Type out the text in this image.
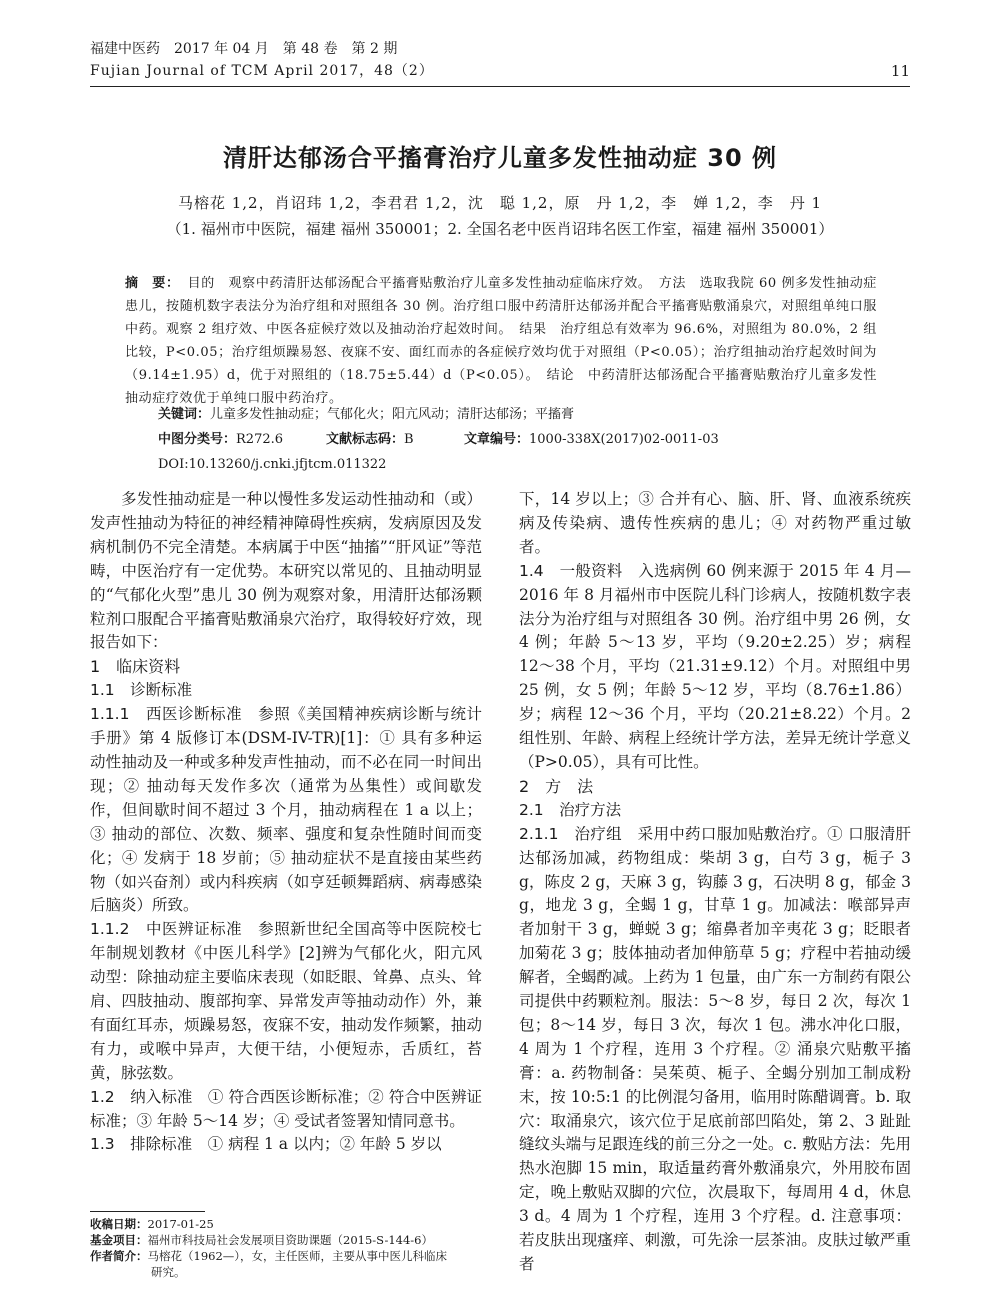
福建中医药　2017 年 04 月　第 48 卷　第 2 期
Fujian Journal of TCM April 2017，48（2）	11
清肝达郁汤合平搐膏治疗儿童多发性抽动症 30 例
马榕花 1,2，肖诏玮 1,2，李君君 1,2，沈　聪 1,2，原　丹 1,2，李　婵 1,2，李　丹 1
（1. 福州市中医院，福建 福州 350001；2. 全国名老中医肖诏玮名医工作室，福建 福州 350001）
摘　要： 目的　观察中药清肝达郁汤配合平搐膏贴敷治疗儿童多发性抽动症临床疗效。　方法　选取我院 60 例多发性抽动症患儿，按随机数字表法分为治疗组和对照组各 30 例。治疗组口服中药清肝达郁汤并配合平搐膏贴敷涌泉穴，对照组单纯口服中药。观察 2 组疗效、中医各症候疗效以及抽动治疗起效时间。　结果　治疗组总有效率为 96.6%，对照组为 80.0%，2 组比较，P<0.05；治疗组烦躁易怒、夜寐不安、面红而赤的各症候疗效均优于对照组（P<0.05）；治疗组抽动治疗起效时间为（9.14±1.95）d，优于对照组的（18.75±5.44）d（P<0.05）。　结论　中药清肝达郁汤配合平搐膏贴敷治疗儿童多发性抽动症疗效优于单纯口服中药治疗。
关键词：儿童多发性抽动症；气郁化火；阳亢风动；清肝达郁汤；平搐膏
中图分类号：R272.6	文献标志码：B	文章编号：1000-338X(2017)02-0011-03
DOI:10.13260/j.cnki.jfjtcm.011322

多发性抽动症是一种以慢性多发运动性抽动和（或）发声性抽动为特征的神经精神障碍性疾病，发病原因及发病机制仍不完全清楚。本病属于中医“抽搐”“肝风证”等范畴，中医治疗有一定优势。本研究以常见的、且抽动明显的“气郁化火型”患儿 30 例为观察对象，用清肝达郁汤颗粒剂口服配合平搐膏贴敷涌泉穴治疗，取得较好疗效，现报告如下：

1　临床资料

1.1　诊断标准

1.1.1　西医诊断标准　参照《美国精神疾病诊断与统计手册》第 4 版修订本(DSM-IV-TR)[1]：① 具有多种运动性抽动及一种或多种发声性抽动，而不必在同一时间出现；② 抽动每天发作多次（通常为丛集性）或间歇发作，但间歇时间不超过 3 个月，抽动病程在 1 a 以上；③ 抽动的部位、次数、频率、强度和复杂性随时间而变化；④ 发病于 18 岁前；⑤ 抽动症状不是直接由某些药物（如兴奋剂）或内科疾病（如亨廷顿舞蹈病、病毒感染后脑炎）所致。

1.1.2　中医辨证标准　参照新世纪全国高等中医院校七年制规划教材《中医儿科学》[2]辨为气郁化火，阳亢风动型：除抽动症主要临床表现（如眨眼、耸鼻、点头、耸肩、四肢抽动、腹部拘挛、异常发声等抽动动作）外，兼有面红耳赤，烦躁易怒，夜寐不安，抽动发作频繁，抽动有力，或喉中异声，大便干结，小便短赤，舌质红，苔黄，脉弦数。

1.2　纳入标准　① 符合西医诊断标准；② 符合中医辨证标准；③ 年龄 5～14 岁；④ 受试者签署知情同意书。

1.3　排除标准　① 病程 1 a 以内；② 年龄 5 岁以

下，14 岁以上；③ 合并有心、脑、肝、肾、血液系统疾病及传染病、遗传性疾病的患儿；④ 对药物严重过敏者。

1.4　一般资料　入选病例 60 例来源于 2015 年 4 月—2016 年 8 月福州市中医院儿科门诊病人，按随机数字表法分为治疗组与对照组各 30 例。治疗组中男 26 例，女 4 例；年龄 5～13 岁，平均（9.20±2.25）岁；病程 12～38 个月，平均（21.31±9.12）个月。对照组中男 25 例，女 5 例；年龄 5～12 岁，平均（8.76±1.86）岁；病程 12～36 个月，平均（20.21±8.22）个月。2 组性别、年龄、病程上经统计学方法，差异无统计学意义（P>0.05），具有可比性。

2　方　法

2.1　治疗方法

2.1.1　治疗组　采用中药口服加贴敷治疗。① 口服清肝达郁汤加减，药物组成：柴胡 3 g，白芍 3 g，栀子 3 g，陈皮 2 g，天麻 3 g，钩藤 3 g，石决明 8 g，郁金 3 g，地龙 3 g，全蝎 1 g，甘草 1 g。加减法：喉部异声者加射干 3 g，蝉蜕 3 g；缩鼻者加辛夷花 3 g；眨眼者加菊花 3 g；肢体抽动者加伸筋草 5 g；疗程中若抽动缓解者，全蝎酌减。上药为 1 包量，由广东一方制药有限公司提供中药颗粒剂。服法：5～8 岁，每日 2 次，每次 1 包；8～14 岁，每日 3 次，每次 1 包。沸水冲化口服，4 周为 1 个疗程，连用 3 个疗程。② 涌泉穴贴敷平搐膏：a. 药物制备：吴茱萸、栀子、全蝎分别加工制成粉末，按 10:5:1 的比例混匀备用，临用时陈醋调膏。b. 取穴：取涌泉穴，该穴位于足底前部凹陷处，第 2、3 趾趾缝纹头端与足跟连线的前三分之一处。c. 敷贴方法：先用热水泡脚 15 min，取适量药膏外敷涌泉穴，外用胶布固定，晚上敷贴双脚的穴位，次晨取下，每周用 4 d，休息 3 d。4 周为 1 个疗程，连用 3 个疗程。d. 注意事项：若皮肤出现瘙痒、刺激，可先涂一层茶油。皮肤过敏严重者

收稿日期：2017-01-25
基金项目：福州市科技局社会发展项目资助课题（2015-S-144-6）
作者简介：马榕花（1962—），女，主任医师，主要从事中医儿科临床
研究。
